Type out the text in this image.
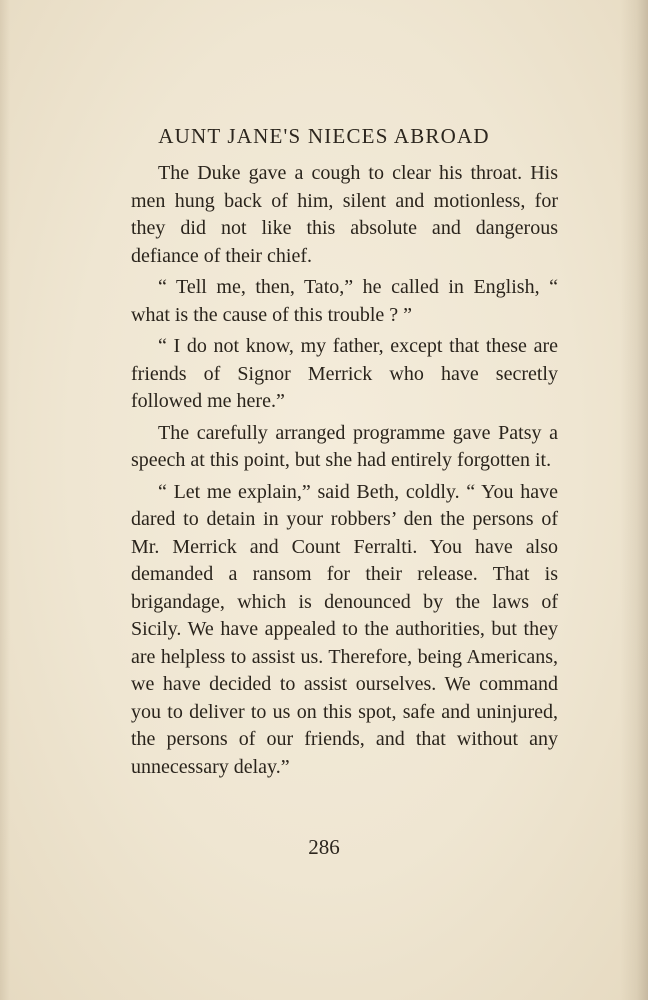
AUNT JANE'S NIECES ABROAD

The Duke gave a cough to clear his throat. His men hung back of him, silent and motionless, for they did not like this absolute and dangerous defiance of their chief.

“ Tell me, then, Tato,” he called in English, “ what is the cause of this trouble ? ”

“ I do not know, my father, except that these are friends of Signor Merrick who have secretly followed me here.”

The carefully arranged programme gave Patsy a speech at this point, but she had entirely forgotten it.

“ Let me explain,” said Beth, coldly. “ You have dared to detain in your robbers’ den the persons of Mr. Merrick and Count Ferralti. You have also demanded a ransom for their release. That is brigandage, which is denounced by the laws of Sicily. We have appealed to the authorities, but they are helpless to assist us. Therefore, being Americans, we have decided to assist ourselves. We command you to deliver to us on this spot, safe and uninjured, the persons of our friends, and that without any unnecessary delay.”

286
